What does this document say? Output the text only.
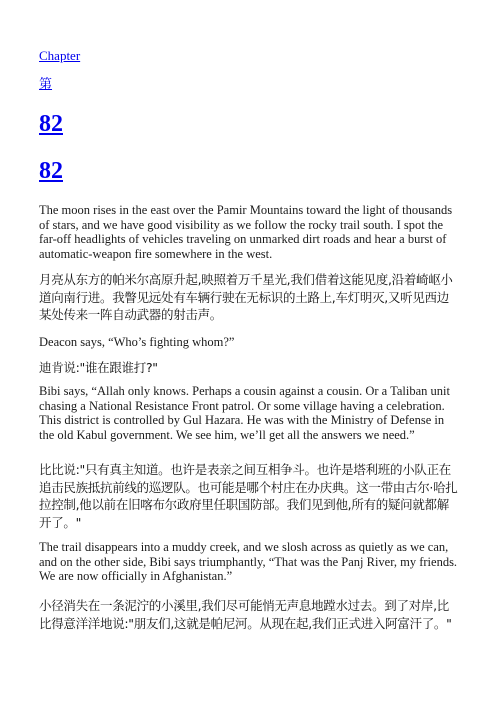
Chapter
第
82
82

The moon rises in the east over the Pamir Mountains toward the light of thousands of stars, and we have good visibility as we follow the rocky trail south. I spot the far-off headlights of vehicles traveling on unmarked dirt roads and hear a burst of automatic-weapon fire somewhere in the west.

月亮从东方的帕米尔高原升起,映照着万千星光,我们借着这能见度,沿着崎岖小道向南行进。我瞥见远处有车辆行驶在无标识的土路上,车灯明灭,又听见西边某处传来一阵自动武器的射击声。

Deacon says, “Who’s fighting whom?”

迪肯说:"谁在跟谁打?"

Bibi says, “Allah only knows. Perhaps a cousin against a cousin. Or a Taliban unit chasing a National Resistance Front patrol. Or some village having a celebration. This district is controlled by Gul Hazara. He was with the Ministry of Defense in the old Kabul government. We see him, we’ll get all the answers we need.”

比比说:"只有真主知道。也许是表亲之间互相争斗。也许是塔利班的小队正在追击民族抵抗前线的巡逻队。也可能是哪个村庄在办庆典。这一带由古尔·哈扎拉控制,他以前在旧喀布尔政府里任职国防部。我们见到他,所有的疑问就都解开了。"

The trail disappears into a muddy creek, and we slosh across as quietly as we can, and on the other side, Bibi says triumphantly, “That was the Panj River, my friends. We are now officially in Afghanistan.”

小径消失在一条泥泞的小溪里,我们尽可能悄无声息地蹚水过去。到了对岸,比比得意洋洋地说:"朋友们,这就是帕尼河。从现在起,我们正式进入阿富汗了。"
